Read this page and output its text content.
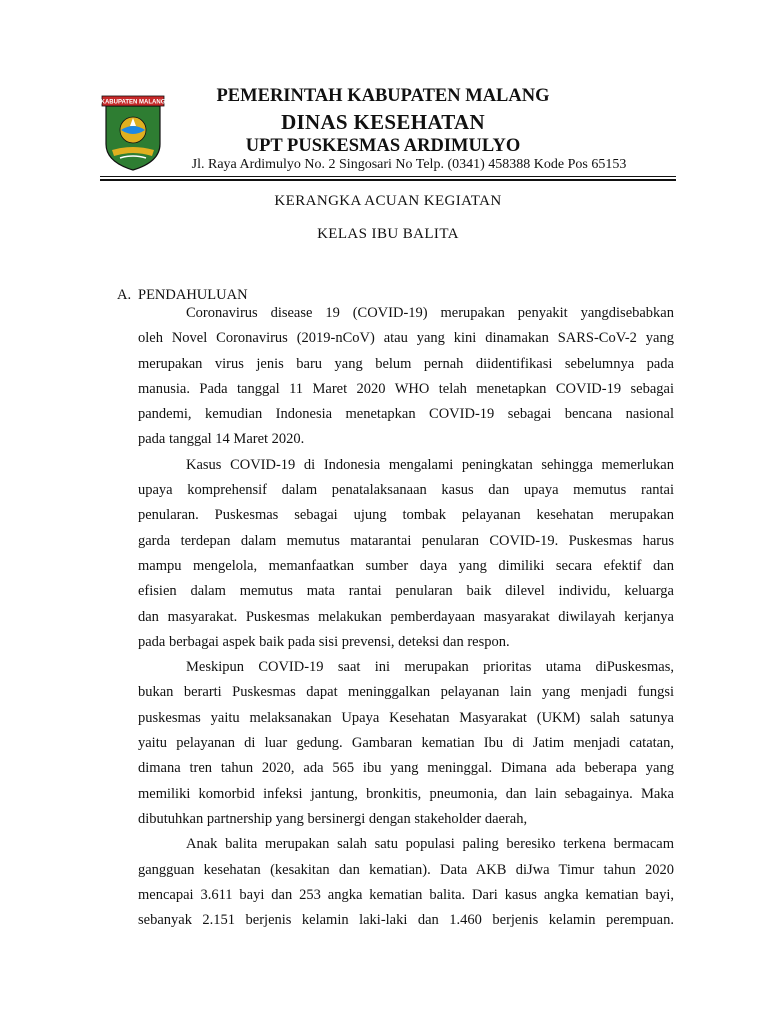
KABUPATEN MALANG	PEMERINTAH KABUPATEN MALANG
DINAS KESEHATAN
UPT PUSKESMAS ARDIMULYO
Jl. Raya Ardimulyo No. 2 Singosari No Telp. (0341) 458388 Kode Pos 65153
KERANGKA ACUAN KEGIATAN
KELAS IBU BALITA
A. PENDAHULUAN
Coronavirus disease 19 (COVID-19) merupakan penyakit yangdisebabkan
oleh Novel Coronavirus (2019-nCoV) atau yang kini dinamakan SARS-CoV-2 yang
merupakan virus jenis baru yang belum pernah diidentifikasi sebelumnya pada
manusia. Pada tanggal 11 Maret 2020 WHO telah menetapkan COVID-19 sebagai
pandemi, kemudian Indonesia menetapkan COVID-19 sebagai bencana nasional
pada tanggal 14 Maret 2020.
Kasus COVID-19 di Indonesia mengalami peningkatan sehingga memerlukan
upaya komprehensif dalam penatalaksanaan kasus dan upaya memutus rantai
penularan. Puskesmas sebagai ujung tombak pelayanan kesehatan merupakan
garda terdepan dalam memutus matarantai penularan COVID-19. Puskesmas harus
mampu mengelola, memanfaatkan sumber daya yang dimiliki secara efektif dan
efisien dalam memutus mata rantai penularan baik dilevel individu, keluarga
dan masyarakat. Puskesmas melakukan pemberdayaan masyarakat diwilayah kerjanya
pada berbagai aspek baik pada sisi prevensi, deteksi dan respon.
Meskipun COVID-19 saat ini merupakan prioritas utama diPuskesmas,
bukan berarti Puskesmas dapat meninggalkan pelayanan lain yang menjadi fungsi
puskesmas yaitu melaksanakan Upaya Kesehatan Masyarakat (UKM) salah satunya
yaitu pelayanan di luar gedung. Gambaran kematian Ibu di Jatim menjadi catatan,
dimana tren tahun 2020, ada 565 ibu yang meninggal. Dimana ada beberapa yang
memiliki komorbid infeksi jantung, bronkitis, pneumonia, dan lain sebagainya. Maka
dibutuhkan partnership yang bersinergi dengan stakeholder daerah,
Anak balita merupakan salah satu populasi paling beresiko terkena bermacam
gangguan kesehatan (kesakitan dan kematian). Data AKB diJwa Timur tahun 2020
mencapai 3.611 bayi dan 253 angka kematian balita. Dari kasus angka kematian bayi,
sebanyak 2.151 berjenis kelamin laki-laki dan 1.460 berjenis kelamin perempuan.
